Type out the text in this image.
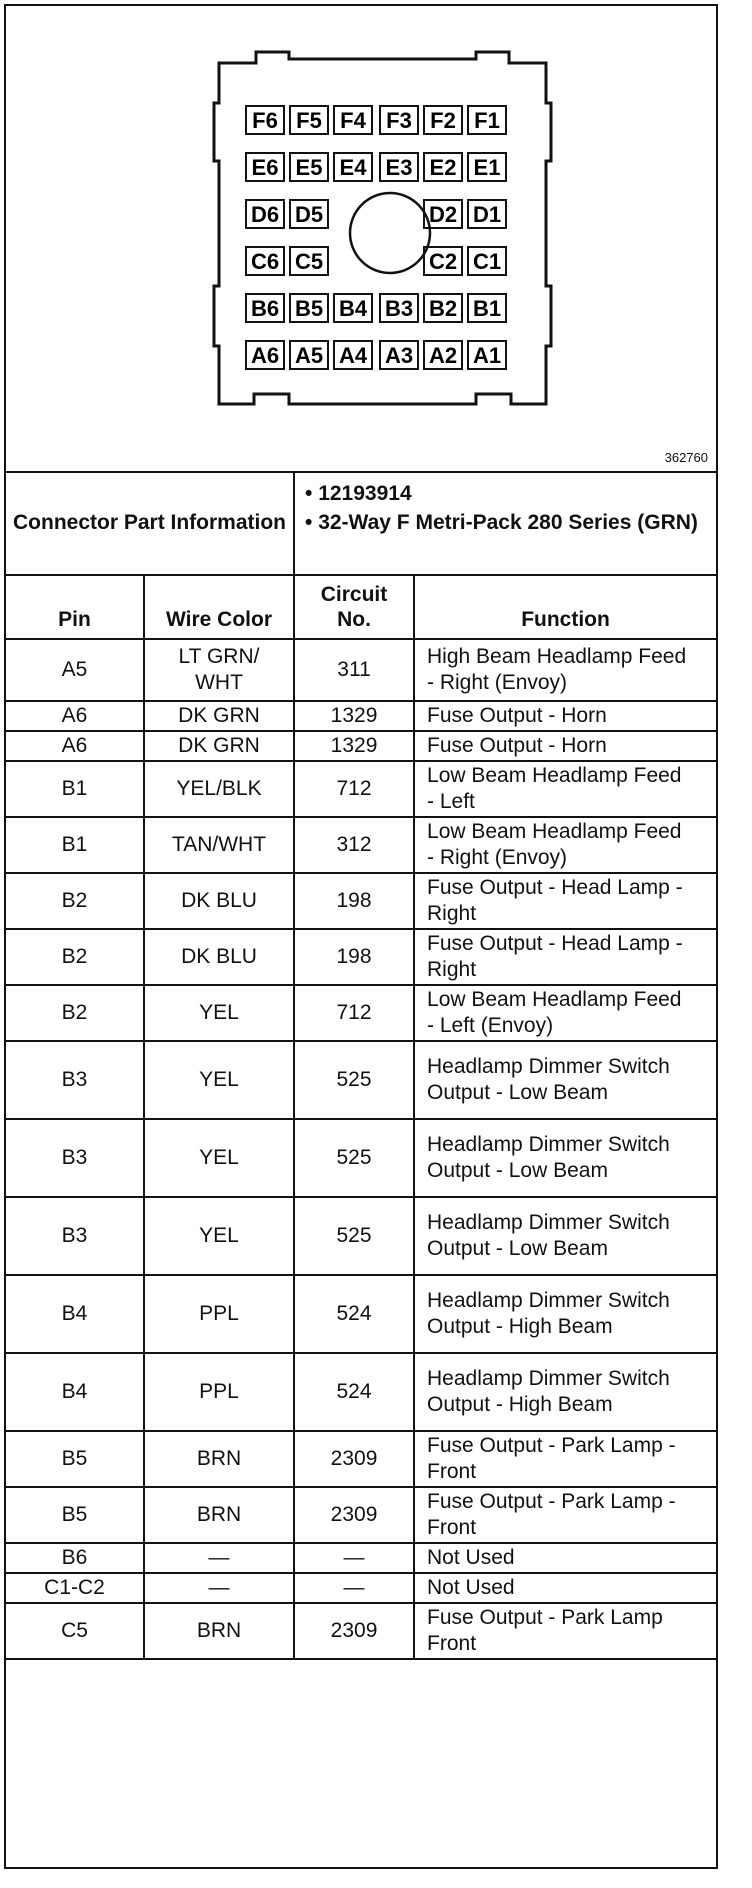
F6 F5 F4 F3 F2 F1
E6 E5 E4 E3 E2 E1
D6 D5	D2 D1
C6 C5	C2 C1
B6 B5 B4 B3 B2 B1
A6 A5 A4 A3 A2 A1
362760
Connector Part Information		• 12193914
• 32-Way F Metri-Pack 280 Series (GRN)	

Pin	Wire Color	Circuit No.	Function
A5	LT GRN/ WHT	311	High Beam Headlamp Feed - Right (Envoy)
A6	DK GRN	1329	Fuse Output - Horn
A6	DK GRN	1329	Fuse Output - Horn
B1	YEL/BLK	712	Low Beam Headlamp Feed - Left
B1	TAN/WHT	312	Low Beam Headlamp Feed - Right (Envoy)
B2	DK BLU	198	Fuse Output - Head Lamp - Right
B2	DK BLU	198	Fuse Output - Head Lamp - Right
B2	YEL	712	Low Beam Headlamp Feed - Left (Envoy)
B3	YEL	525	Headlamp Dimmer Switch Output - Low Beam
B3	YEL	525	Headlamp Dimmer Switch Output - Low Beam
B3	YEL	525	Headlamp Dimmer Switch Output - Low Beam
B4	PPL	524	Headlamp Dimmer Switch Output - High Beam
B4	PPL	524	Headlamp Dimmer Switch Output - High Beam
B5	BRN	2309	Fuse Output - Park Lamp - Front
B5	BRN	2309	Fuse Output - Park Lamp - Front
B6	—	—	Not Used
C1-C2	—	—	Not Used
C5	BRN	2309	Fuse Output - Park Lamp Front
